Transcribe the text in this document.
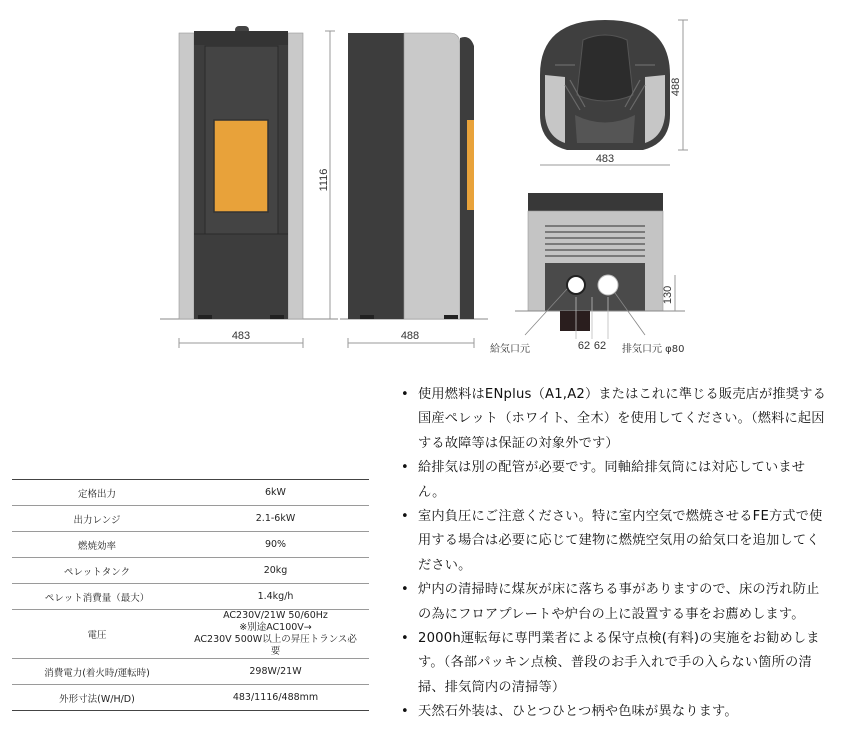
1116
483	488
488
483
62 62
130
給気口元	排気口元 φ80
定格出力	6kW
出力レンジ	2.1-6kW
燃焼効率	90%
ペレットタンク	20kg
ペレット消費量（最大）	1.4kg/h
電圧	AC230V/21W 50/60Hz
※別途AC100V→
AC230V 500W以上の昇圧トランス必
要

消費電力(着火時/運転時)	298W/21W
外形寸法(W/H/D)	483/1116/488mm
• 使用燃料はENplus（A1,A2）またはこれに準じる販売店が推奨する国産ペレット（ホワイト、全木）を使用してください。（燃料に起因する故障等は保証の対象外です）
• 給排気は別の配管が必要です。同軸給排気筒には対応していません。
• 室内負圧にご注意ください。特に室内空気で燃焼させるFE方式で使用する場合は必要に応じて建物に燃焼空気用の給気口を追加してください。
• 炉内の清掃時に煤灰が床に落ちる事がありますので、床の汚れ防止の為にフロアプレートや炉台の上に設置する事をお薦めします。
• 2000h運転毎に専門業者による保守点検(有料)の実施をお勧めします。（各部パッキン点検、普段のお手入れで手の入らない箇所の清掃、排気筒内の清掃等）
• 天然石外装は、ひとつひとつ柄や色味が異なります。
